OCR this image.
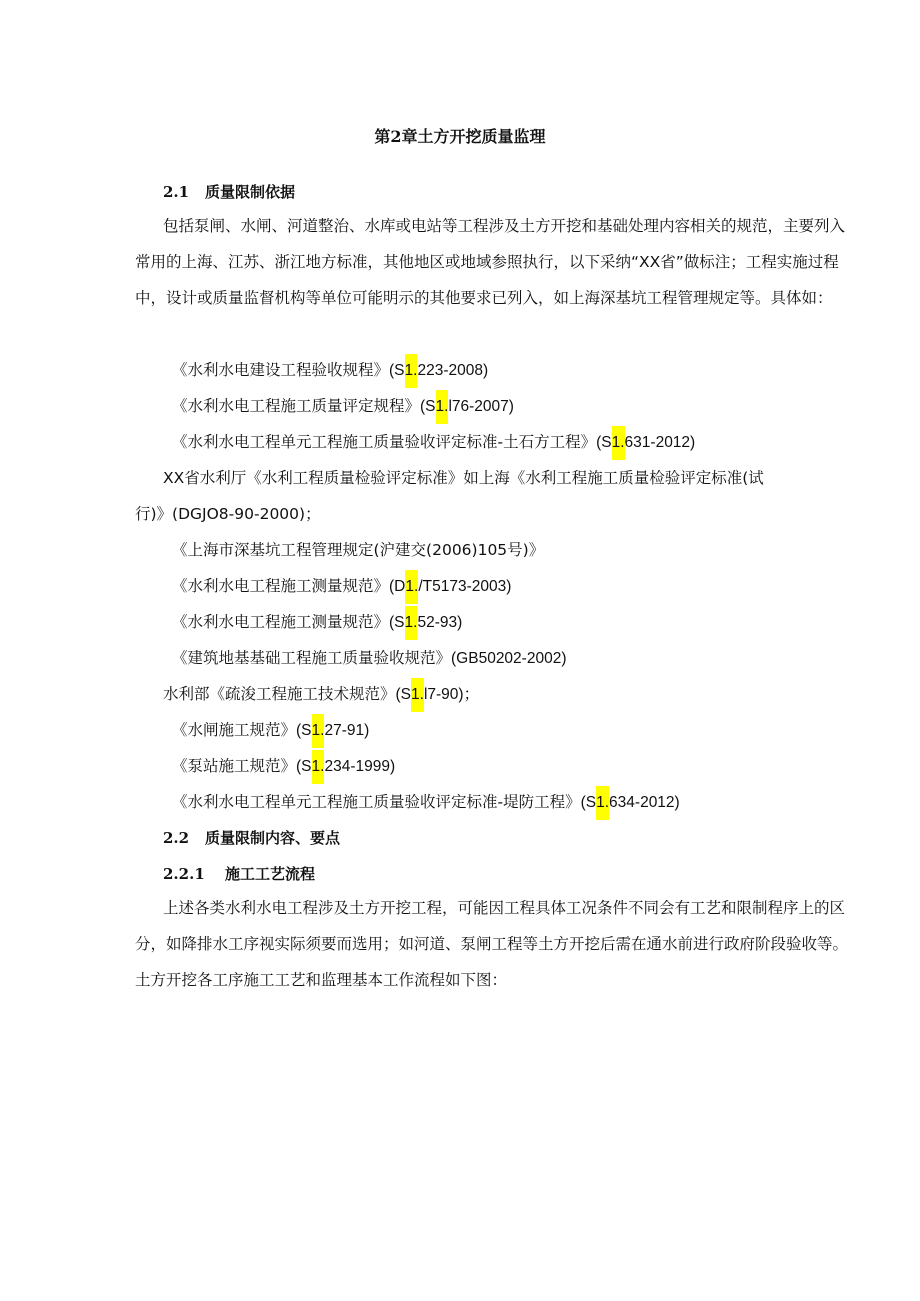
第2章土方开挖质量监理
2.1 质量限制依据

包括泵闸、水闸、河道整治、水库或电站等工程涉及土方开挖和基础处理内容相关的规范，主要列入常用的上海、江苏、浙江地方标准，其他地区或地域参照执行，以下采纳“XX省”做标注；工程实施过程中，设计或质量监督机构等单位可能明示的其他要求已列入，如上海深基坑工程管理规定等。具体如：

《水利水电建设工程验收规程》(S1.223-2008)
《水利水电工程施工质量评定规程》(S1.l76-2007)
《水利水电工程单元工程施工质量验收评定标准-土石方工程》(S1.631-2012)
XX省水利厅《水利工程质量检验评定标准》如上海《水利工程施工质量检验评定标准(试
行)》(DGJO8-90-2000)；
《上海市深基坑工程管理规定(沪建交(2006)105号)》
《水利水电工程施工测量规范》(D1./T5173-2003)
《水利水电工程施工测量规范》(S1.52-93)
《建筑地基基础工程施工质量验收规范》(GB50202-2002)
水利部《疏浚工程施工技术规范》(S1.l7-90)；
《水闸施工规范》(S1.27-91)
《泵站施工规范》(S1.234-1999)
《水利水电工程单元工程施工质量验收评定标准-堤防工程》(S1.634-2012)
2.2 质量限制内容、要点
2.2.1 施工工艺流程

上述各类水利水电工程涉及土方开挖工程，可能因工程具体工况条件不同会有工艺和限制程序上的区分，如降排水工序视实际须要而选用；如河道、泵闸工程等土方开挖后需在通水前进行政府阶段验收等。土方开挖各工序施工工艺和监理基本工作流程如下图：
